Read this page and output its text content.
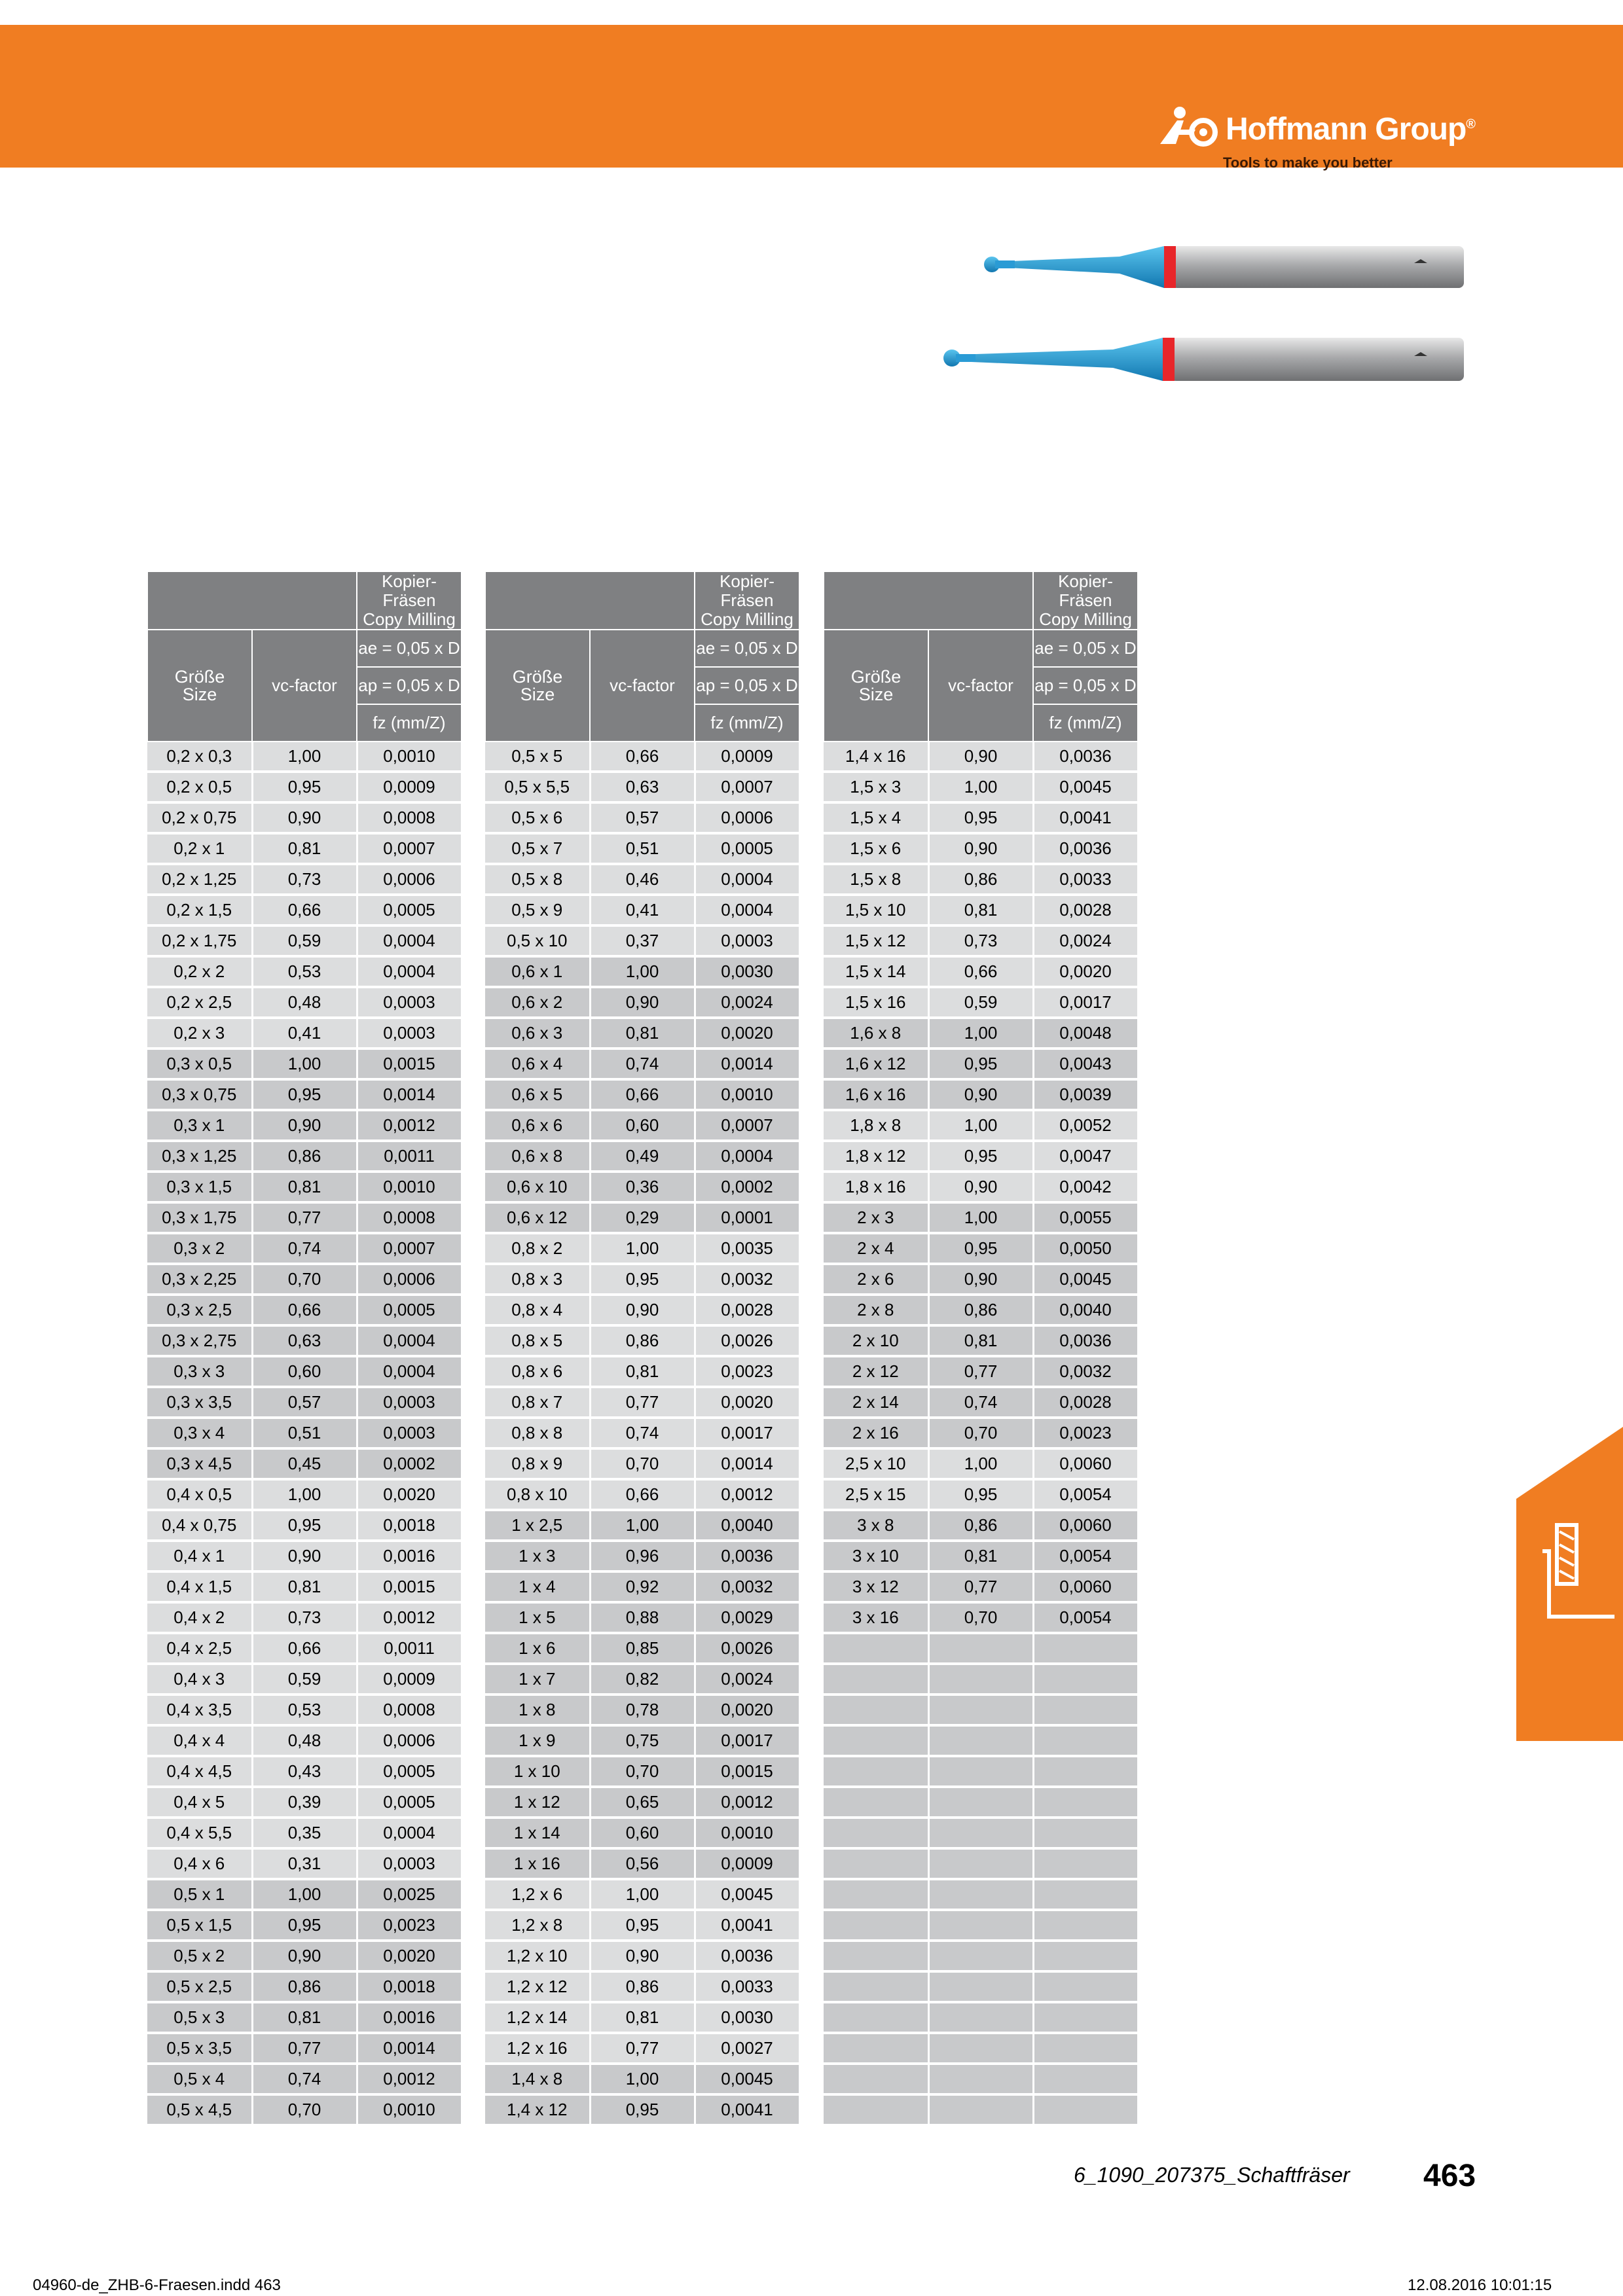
Hoffmann Group®
Tools to make you better
		Kopier-Fräsen
Copy Milling
Größe
Size	vc-factor	ae = 0,05 x D
		ap = 0,05 x D
		fz (mm/Z)
0,2 x 0,3	1,00	0,0010
0,2 x 0,5	0,95	0,0009
0,2 x 0,75	0,90	0,0008
0,2 x 1	0,81	0,0007
0,2 x 1,25	0,73	0,0006
0,2 x 1,5	0,66	0,0005
0,2 x 1,75	0,59	0,0004
0,2 x 2	0,53	0,0004
0,2 x 2,5	0,48	0,0003
0,2 x 3	0,41	0,0003
0,3 x 0,5	1,00	0,0015
0,3 x 0,75	0,95	0,0014
0,3 x 1	0,90	0,0012
0,3 x 1,25	0,86	0,0011
0,3 x 1,5	0,81	0,0010
0,3 x 1,75	0,77	0,0008
0,3 x 2	0,74	0,0007
0,3 x 2,25	0,70	0,0006
0,3 x 2,5	0,66	0,0005
0,3 x 2,75	0,63	0,0004
0,3 x 3	0,60	0,0004
0,3 x 3,5	0,57	0,0003
0,3 x 4	0,51	0,0003
0,3 x 4,5	0,45	0,0002
0,4 x 0,5	1,00	0,0020
0,4 x 0,75	0,95	0,0018
0,4 x 1	0,90	0,0016
0,4 x 1,5	0,81	0,0015
0,4 x 2	0,73	0,0012
0,4 x 2,5	0,66	0,0011
0,4 x 3	0,59	0,0009
0,4 x 3,5	0,53	0,0008
0,4 x 4	0,48	0,0006
0,4 x 4,5	0,43	0,0005
0,4 x 5	0,39	0,0005
0,4 x 5,5	0,35	0,0004
0,4 x 6	0,31	0,0003
0,5 x 1	1,00	0,0025
0,5 x 1,5	0,95	0,0023
0,5 x 2	0,90	0,0020
0,5 x 2,5	0,86	0,0018
0,5 x 3	0,81	0,0016
0,5 x 3,5	0,77	0,0014
0,5 x 4	0,74	0,0012
0,5 x 4,5	0,70	0,0010
		Kopier-Fräsen
Copy Milling
Größe
Size	vc-factor	ae = 0,05 x D
		ap = 0,05 x D
		fz (mm/Z)
0,5 x 5	0,66	0,0009
0,5 x 5,5	0,63	0,0007
0,5 x 6	0,57	0,0006
0,5 x 7	0,51	0,0005
0,5 x 8	0,46	0,0004
0,5 x 9	0,41	0,0004
0,5 x 10	0,37	0,0003
0,6 x 1	1,00	0,0030
0,6 x 2	0,90	0,0024
0,6 x 3	0,81	0,0020
0,6 x 4	0,74	0,0014
0,6 x 5	0,66	0,0010
0,6 x 6	0,60	0,0007
0,6 x 8	0,49	0,0004
0,6 x 10	0,36	0,0002
0,6 x 12	0,29	0,0001
0,8 x 2	1,00	0,0035
0,8 x 3	0,95	0,0032
0,8 x 4	0,90	0,0028
0,8 x 5	0,86	0,0026
0,8 x 6	0,81	0,0023
0,8 x 7	0,77	0,0020
0,8 x 8	0,74	0,0017
0,8 x 9	0,70	0,0014
0,8 x 10	0,66	0,0012
1 x 2,5	1,00	0,0040
1 x 3	0,96	0,0036
1 x 4	0,92	0,0032
1 x 5	0,88	0,0029
1 x 6	0,85	0,0026
1 x 7	0,82	0,0024
1 x 8	0,78	0,0020
1 x 9	0,75	0,0017
1 x 10	0,70	0,0015
1 x 12	0,65	0,0012
1 x 14	0,60	0,0010
1 x 16	0,56	0,0009
1,2 x 6	1,00	0,0045
1,2 x 8	0,95	0,0041
1,2 x 10	0,90	0,0036
1,2 x 12	0,86	0,0033
1,2 x 14	0,81	0,0030
1,2 x 16	0,77	0,0027
1,4 x 8	1,00	0,0045
1,4 x 12	0,95	0,0041
		Kopier-Fräsen
Copy Milling
Größe
Size	vc-factor	ae = 0,05 x D
		ap = 0,05 x D
		fz (mm/Z)
1,4 x 16	0,90	0,0036
1,5 x 3	1,00	0,0045
1,5 x 4	0,95	0,0041
1,5 x 6	0,90	0,0036
1,5 x 8	0,86	0,0033
1,5 x 10	0,81	0,0028
1,5 x 12	0,73	0,0024
1,5 x 14	0,66	0,0020
1,5 x 16	0,59	0,0017
1,6 x 8	1,00	0,0048
1,6 x 12	0,95	0,0043
1,6 x 16	0,90	0,0039
1,8 x 8	1,00	0,0052
1,8 x 12	0,95	0,0047
1,8 x 16	0,90	0,0042
2 x 3	1,00	0,0055
2 x 4	0,95	0,0050
2 x 6	0,90	0,0045
2 x 8	0,86	0,0040
2 x 10	0,81	0,0036
2 x 12	0,77	0,0032
2 x 14	0,74	0,0028
2 x 16	0,70	0,0023
2,5 x 10	1,00	0,0060
2,5 x 15	0,95	0,0054
3 x 8	0,86	0,0060
3 x 10	0,81	0,0054
3 x 12	0,77	0,0060
3 x 16	0,70	0,0054

6_1090_207375_Schaftfräser 463
04960-de_ZHB-6-Fraesen.indd 463	12.08.2016 10:01:15
